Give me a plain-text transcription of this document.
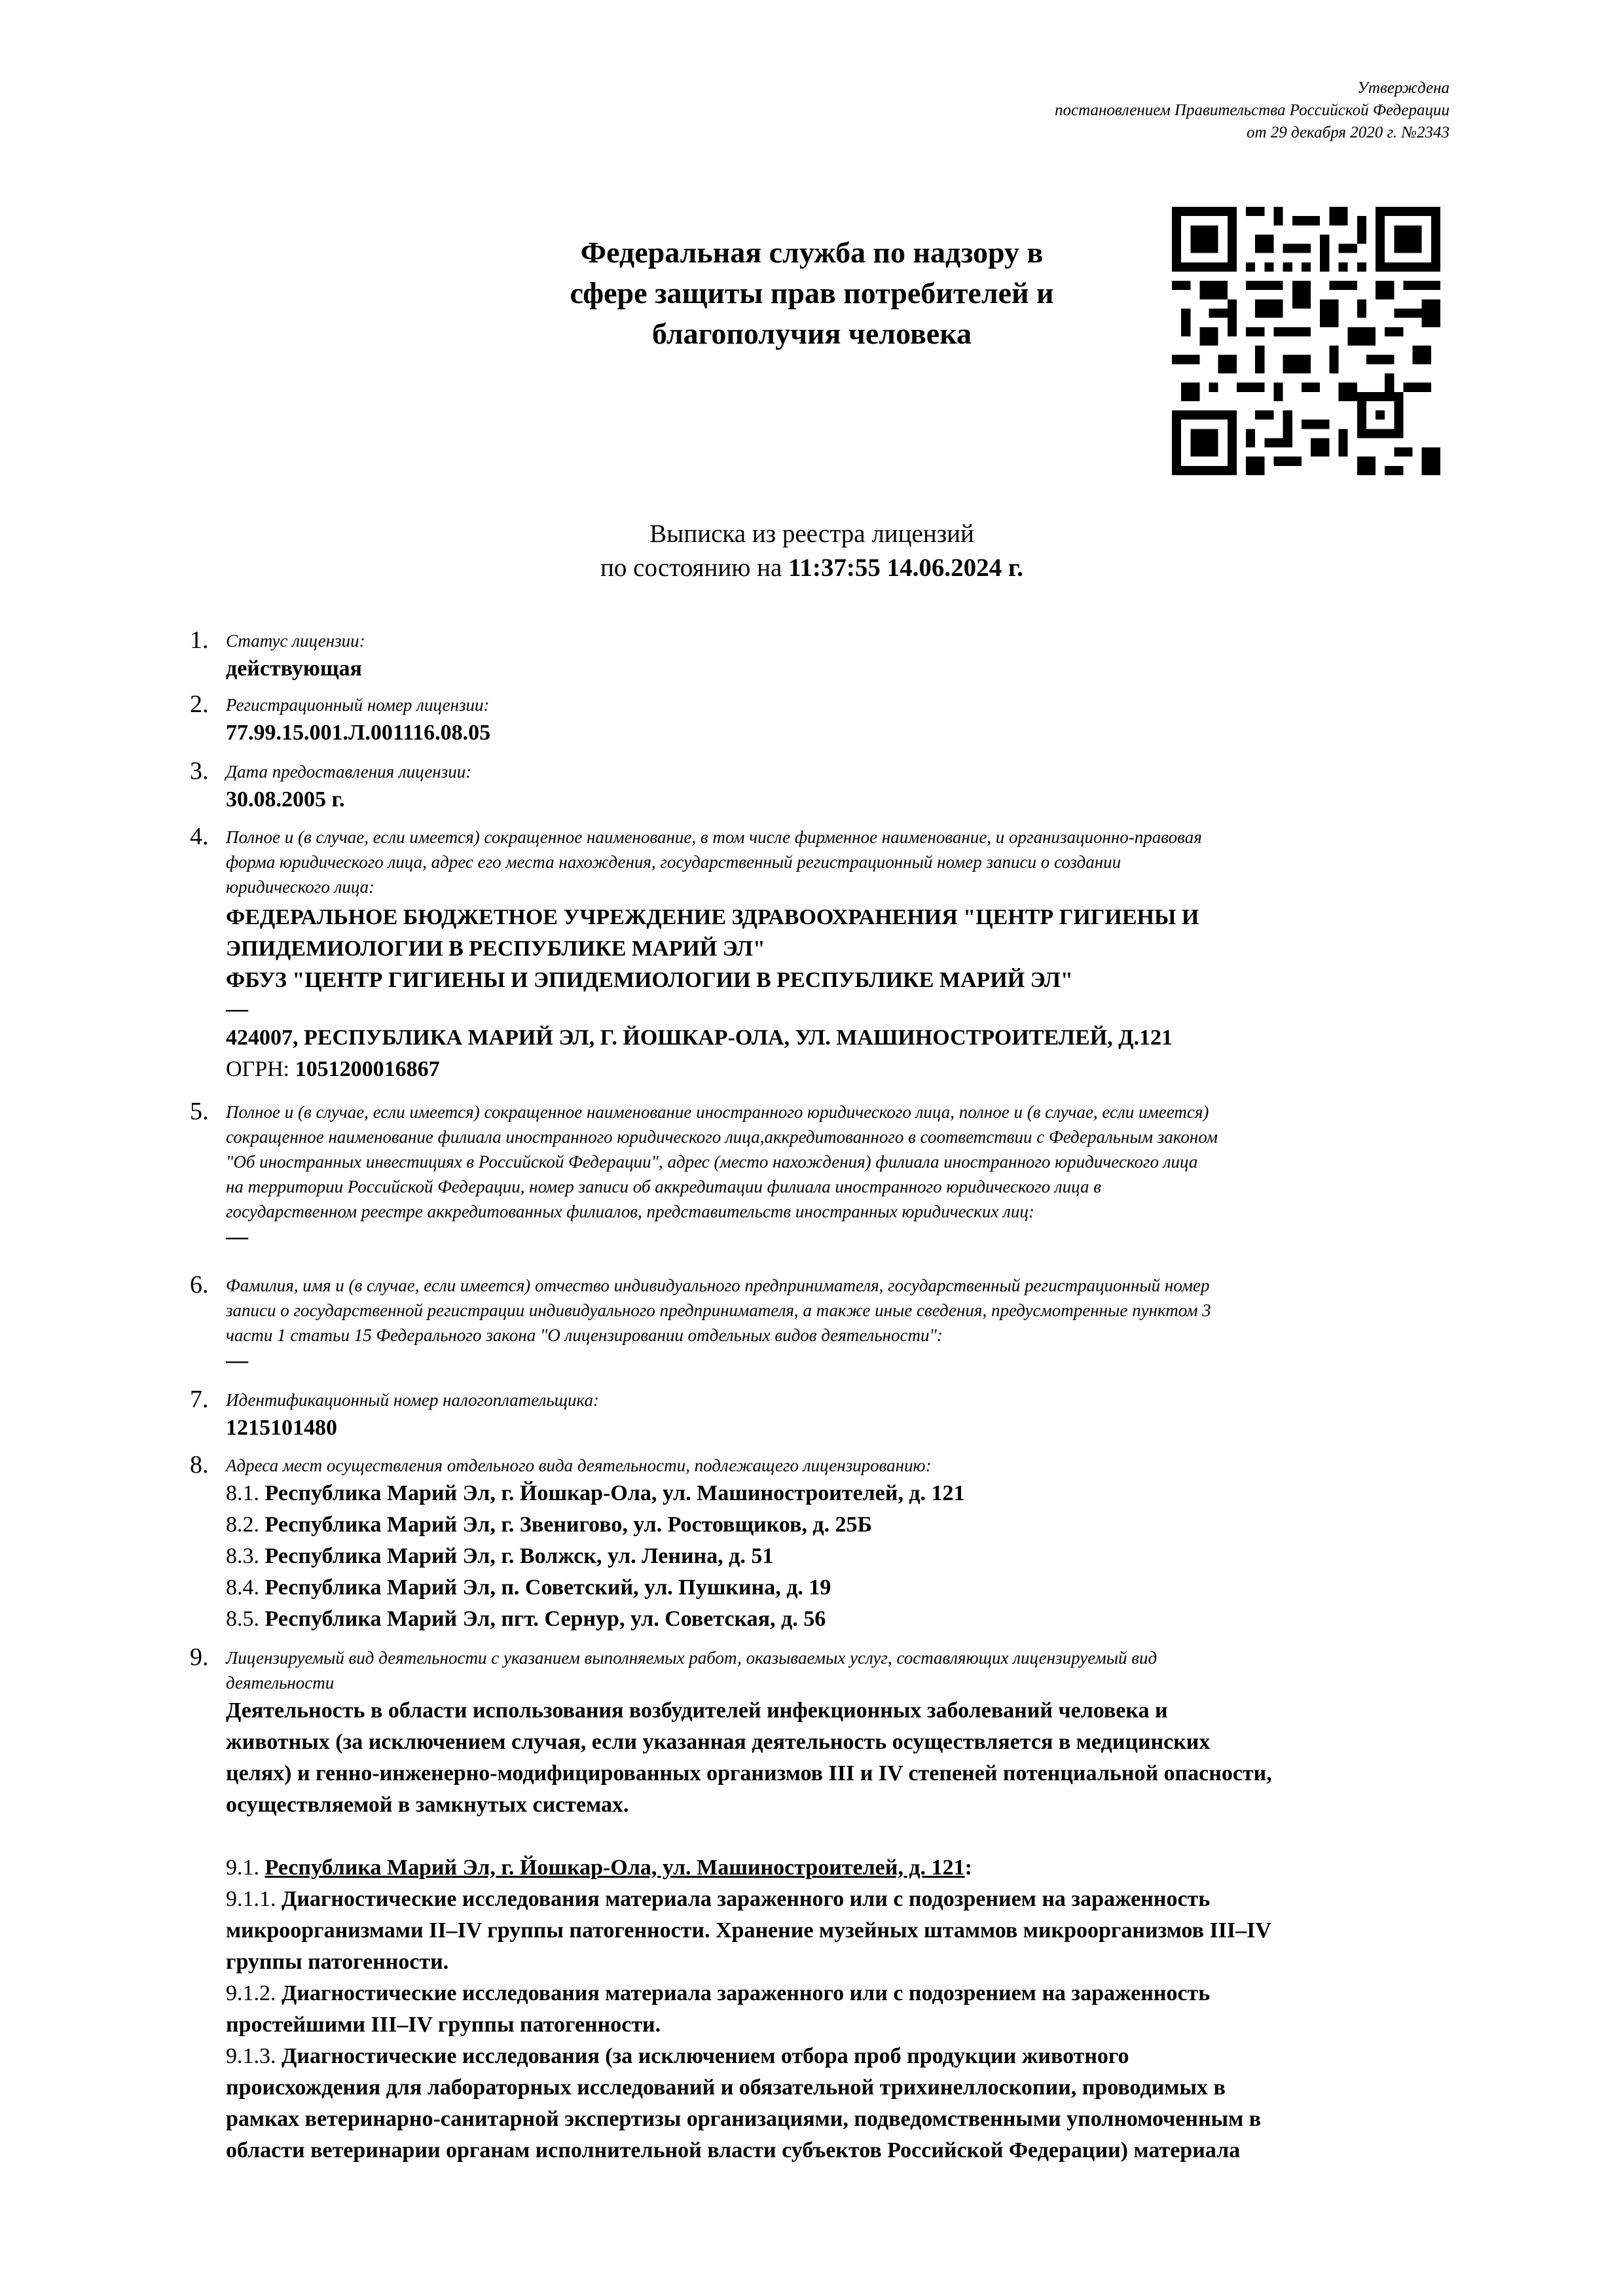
Утверждена
постановлением Правительства Российской Федерации
от 29 декабря 2020 г. №2343
Федеральная служба по надзору в
сфере защиты прав потребителей и
благополучия человека
Выписка из реестра лицензий
по состоянию на 11:37:55 14.06.2024 г.
1. Статус лицензии:
действующая
2. Регистрационный номер лицензии:
77.99.15.001.Л.001116.08.05
3. Дата предоставления лицензии:
30.08.2005 г.
4. Полное и (в случае, если имеется) сокращенное наименование, в том числе фирменное наименование, и организационно-правовая
форма юридического лица, адрес его места нахождения, государственный регистрационный номер записи о создании
юридического лица:
ФЕДЕРАЛЬНОЕ БЮДЖЕТНОЕ УЧРЕЖДЕНИЕ ЗДРАВООХРАНЕНИЯ "ЦЕНТР ГИГИЕНЫ И
ЭПИДЕМИОЛОГИИ В РЕСПУБЛИКЕ МАРИЙ ЭЛ"
ФБУЗ "ЦЕНТР ГИГИЕНЫ И ЭПИДЕМИОЛОГИИ В РЕСПУБЛИКЕ МАРИЙ ЭЛ"
—
424007, РЕСПУБЛИКА МАРИЙ ЭЛ, Г. ЙОШКАР-ОЛА, УЛ. МАШИНОСТРОИТЕЛЕЙ, Д.121
ОГРН: 1051200016867
5. Полное и (в случае, если имеется) сокращенное наименование иностранного юридического лица, полное и (в случае, если имеется)
сокращенное наименование филиала иностранного юридического лица,аккредитованного в соответствии с Федеральным законом
"Об иностранных инвестициях в Российской Федерации", адрес (место нахождения) филиала иностранного юридического лица
на территории Российской Федерации, номер записи об аккредитации филиала иностранного юридического лица в
государственном реестре аккредитованных филиалов, представительств иностранных юридических лиц:
—
6. Фамилия, имя и (в случае, если имеется) отчество индивидуального предпринимателя, государственный регистрационный номер
записи о государственной регистрации индивидуального предпринимателя, а также иные сведения, предусмотренные пунктом 3
части 1 статьи 15 Федерального закона "О лицензировании отдельных видов деятельности":
—
7. Идентификационный номер налогоплательщика:
1215101480
8. Адреса мест осуществления отдельного вида деятельности, подлежащего лицензированию:
8.1. Республика Марий Эл, г. Йошкар-Ола, ул. Машиностроителей, д. 121
8.2. Республика Марий Эл, г. Звенигово, ул. Ростовщиков, д. 25Б
8.3. Республика Марий Эл, г. Волжск, ул. Ленина, д. 51
8.4. Республика Марий Эл, п. Советский, ул. Пушкина, д. 19
8.5. Республика Марий Эл, пгт. Сернур, ул. Советская, д. 56
9. Лицензируемый вид деятельности с указанием выполняемых работ, оказываемых услуг, составляющих лицензируемый вид
деятельности
Деятельность в области использования возбудителей инфекционных заболеваний человека и
животных (за исключением случая, если указанная деятельность осуществляется в медицинских
целях) и генно-инженерно-модифицированных организмов III и IV степеней потенциальной опасности,
осуществляемой в замкнутых системах.
9.1. Республика Марий Эл, г. Йошкар-Ола, ул. Машиностроителей, д. 121:
9.1.1. Диагностические исследования материала зараженного или с подозрением на зараженность
микроорганизмами II–IV группы патогенности. Хранение музейных штаммов микроорганизмов III–IV
группы патогенности.
9.1.2. Диагностические исследования материала зараженного или с подозрением на зараженность
простейшими III–IV группы патогенности.
9.1.3. Диагностические исследования (за исключением отбора проб продукции животного
происхождения для лабораторных исследований и обязательной трихинеллоскопии, проводимых в
рамках ветеринарно-санитарной экспертизы организациями, подведомственными уполномоченным в
области ветеринарии органам исполнительной власти субъектов Российской Федерации) материала
